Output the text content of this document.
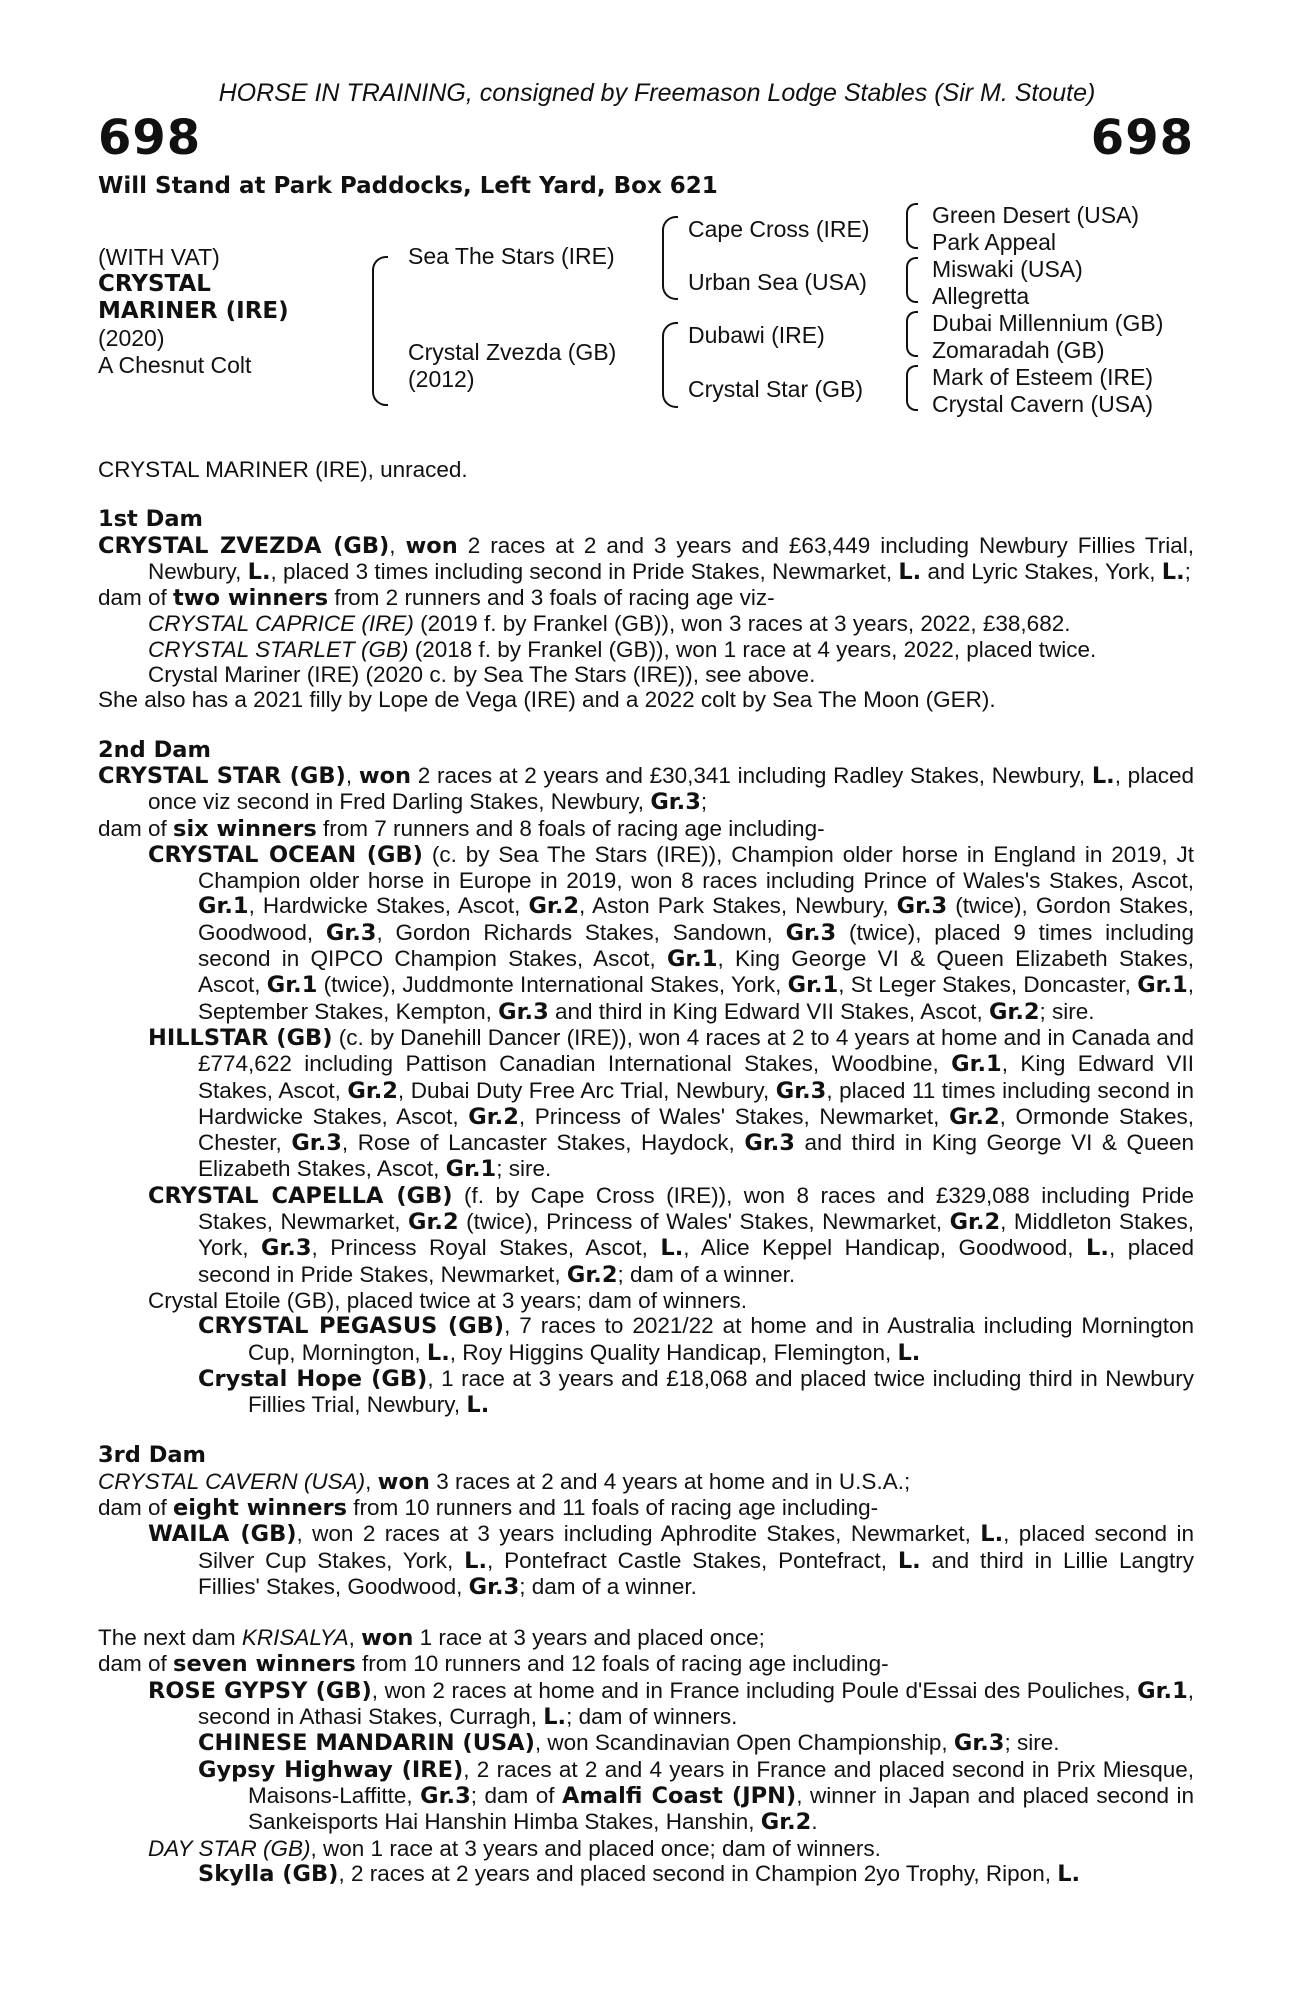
HORSE IN TRAINING, consigned by Freemason Lodge Stables (Sir M. Stoute)
698	698
Will Stand at Park Paddocks, Left Yard, Box 621
(WITH VAT)
CRYSTAL
MARINER (IRE)
(2020)
A Chesnut Colt
Sea The Stars (IRE)
Crystal Zvezda (GB)
(2012)
Cape Cross (IRE)
Urban Sea (USA)
Dubawi (IRE)
Crystal Star (GB)
Green Desert (USA)
Park Appeal
Miswaki (USA)
Allegretta
Dubai Millennium (GB)
Zomaradah (GB)
Mark of Esteem (IRE)
Crystal Cavern (USA)

CRYSTAL MARINER (IRE), unraced.

1st Dam

CRYSTAL ZVEZDA (GB), won 2 races at 2 and 3 years and £63,449 including Newbury Fillies Trial, Newbury, L., placed 3 times including second in Pride Stakes, Newmarket, L. and Lyric Stakes, York, L.;

dam of two winners from 2 runners and 3 foals of racing age viz-

CRYSTAL CAPRICE (IRE) (2019 f. by Frankel (GB)), won 3 races at 3 years, 2022, £38,682.

CRYSTAL STARLET (GB) (2018 f. by Frankel (GB)), won 1 race at 4 years, 2022, placed twice.

Crystal Mariner (IRE) (2020 c. by Sea The Stars (IRE)), see above.

She also has a 2021 filly by Lope de Vega (IRE) and a 2022 colt by Sea The Moon (GER).

2nd Dam

CRYSTAL STAR (GB), won 2 races at 2 years and £30,341 including Radley Stakes, Newbury, L., placed once viz second in Fred Darling Stakes, Newbury, Gr.3;

dam of six winners from 7 runners and 8 foals of racing age including-

CRYSTAL OCEAN (GB) (c. by Sea The Stars (IRE)), Champion older horse in England in 2019, Jt Champion older horse in Europe in 2019, won 8 races including Prince of Wales's Stakes, Ascot, Gr.1, Hardwicke Stakes, Ascot, Gr.2, Aston Park Stakes, Newbury, Gr.3 (twice), Gordon Stakes, Goodwood, Gr.3, Gordon Richards Stakes, Sandown, Gr.3 (twice), placed 9 times including second in QIPCO Champion Stakes, Ascot, Gr.1, King George VI & Queen Elizabeth Stakes, Ascot, Gr.1 (twice), Juddmonte International Stakes, York, Gr.1, St Leger Stakes, Doncaster, Gr.1, September Stakes, Kempton, Gr.3 and third in King Edward VII Stakes, Ascot, Gr.2; sire.

HILLSTAR (GB) (c. by Danehill Dancer (IRE)), won 4 races at 2 to 4 years at home and in Canada and £774,622 including Pattison Canadian International Stakes, Woodbine, Gr.1, King Edward VII Stakes, Ascot, Gr.2, Dubai Duty Free Arc Trial, Newbury, Gr.3, placed 11 times including second in Hardwicke Stakes, Ascot, Gr.2, Princess of Wales' Stakes, Newmarket, Gr.2, Ormonde Stakes, Chester, Gr.3, Rose of Lancaster Stakes, Haydock, Gr.3 and third in King George VI & Queen Elizabeth Stakes, Ascot, Gr.1; sire.

CRYSTAL CAPELLA (GB) (f. by Cape Cross (IRE)), won 8 races and £329,088 including Pride Stakes, Newmarket, Gr.2 (twice), Princess of Wales' Stakes, Newmarket, Gr.2, Middleton Stakes, York, Gr.3, Princess Royal Stakes, Ascot, L., Alice Keppel Handicap, Goodwood, L., placed second in Pride Stakes, Newmarket, Gr.2; dam of a winner.

Crystal Etoile (GB), placed twice at 3 years; dam of winners.

CRYSTAL PEGASUS (GB), 7 races to 2021/22 at home and in Australia including Mornington Cup, Mornington, L., Roy Higgins Quality Handicap, Flemington, L.

Crystal Hope (GB), 1 race at 3 years and £18,068 and placed twice including third in Newbury Fillies Trial, Newbury, L.

3rd Dam

CRYSTAL CAVERN (USA), won 3 races at 2 and 4 years at home and in U.S.A.;

dam of eight winners from 10 runners and 11 foals of racing age including-

WAILA (GB), won 2 races at 3 years including Aphrodite Stakes, Newmarket, L., placed second in Silver Cup Stakes, York, L., Pontefract Castle Stakes, Pontefract, L. and third in Lillie Langtry Fillies' Stakes, Goodwood, Gr.3; dam of a winner.

The next dam KRISALYA, won 1 race at 3 years and placed once;

dam of seven winners from 10 runners and 12 foals of racing age including-

ROSE GYPSY (GB), won 2 races at home and in France including Poule d'Essai des Pouliches, Gr.1, second in Athasi Stakes, Curragh, L.; dam of winners.

CHINESE MANDARIN (USA), won Scandinavian Open Championship, Gr.3; sire.

Gypsy Highway (IRE), 2 races at 2 and 4 years in France and placed second in Prix Miesque, Maisons-Laffitte, Gr.3; dam of Amalfi Coast (JPN), winner in Japan and placed second in Sankeisports Hai Hanshin Himba Stakes, Hanshin, Gr.2.

DAY STAR (GB), won 1 race at 3 years and placed once; dam of winners.

Skylla (GB), 2 races at 2 years and placed second in Champion 2yo Trophy, Ripon, L.
